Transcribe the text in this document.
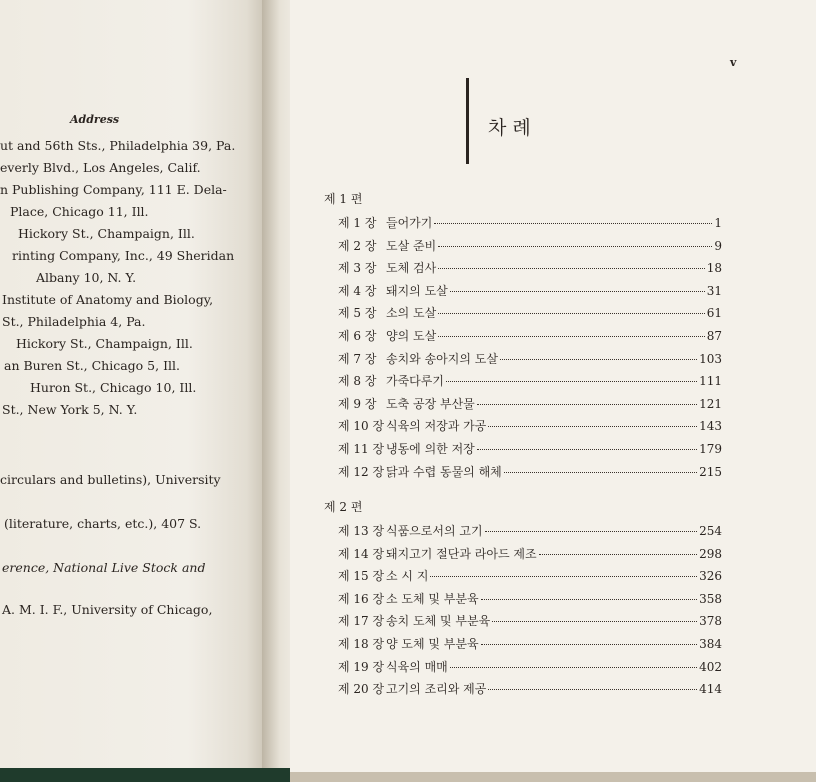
Address
ut and 56th Sts., Philadelphia 39, Pa.
everly Blvd., Los Angeles, Calif.
n Publishing Company, 111 E. Dela-
Place, Chicago 11, Ill.
Hickory St., Champaign, Ill.
rinting Company, Inc., 49 Sheridan
Albany 10, N. Y.
Institute of Anatomy and Biology,
St., Philadelphia 4, Pa.
Hickory St., Champaign, Ill.
an Buren St., Chicago 5, Ill.
Huron St., Chicago 10, Ill.
St., New York 5, N. Y.
circulars and bulletins), University
(literature, charts, etc.), 407 S.
erence, National Live Stock and
A. M. I. F., University of Chicago,
v
차 례
제 1 편
제 1 장 들어가기	1
제 2 장 도살 준비	9
제 3 장 도체 검사	18
제 4 장 돼지의 도살	31
제 5 장 소의 도살	61
제 6 장 양의 도살	87
제 7 장 송치와 송아지의 도살	103
제 8 장 가죽다루기	111
제 9 장 도축 공장 부산물	121
제 10 장 식육의 저장과 가공	143
제 11 장 냉동에 의한 저장	179
제 12 장 닭과 수렵 동물의 해체	215
제 2 편
제 13 장 식품으로서의 고기	254
제 14 장 돼지고기 절단과 라아드 제조	298
제 15 장 소 시 지	326
제 16 장 소 도체 및 부분육	358
제 17 장 송치 도체 및 부분육	378
제 18 장 양 도체 및 부분육	384
제 19 장 식육의 매매	402
제 20 장 고기의 조리와 제공	414
